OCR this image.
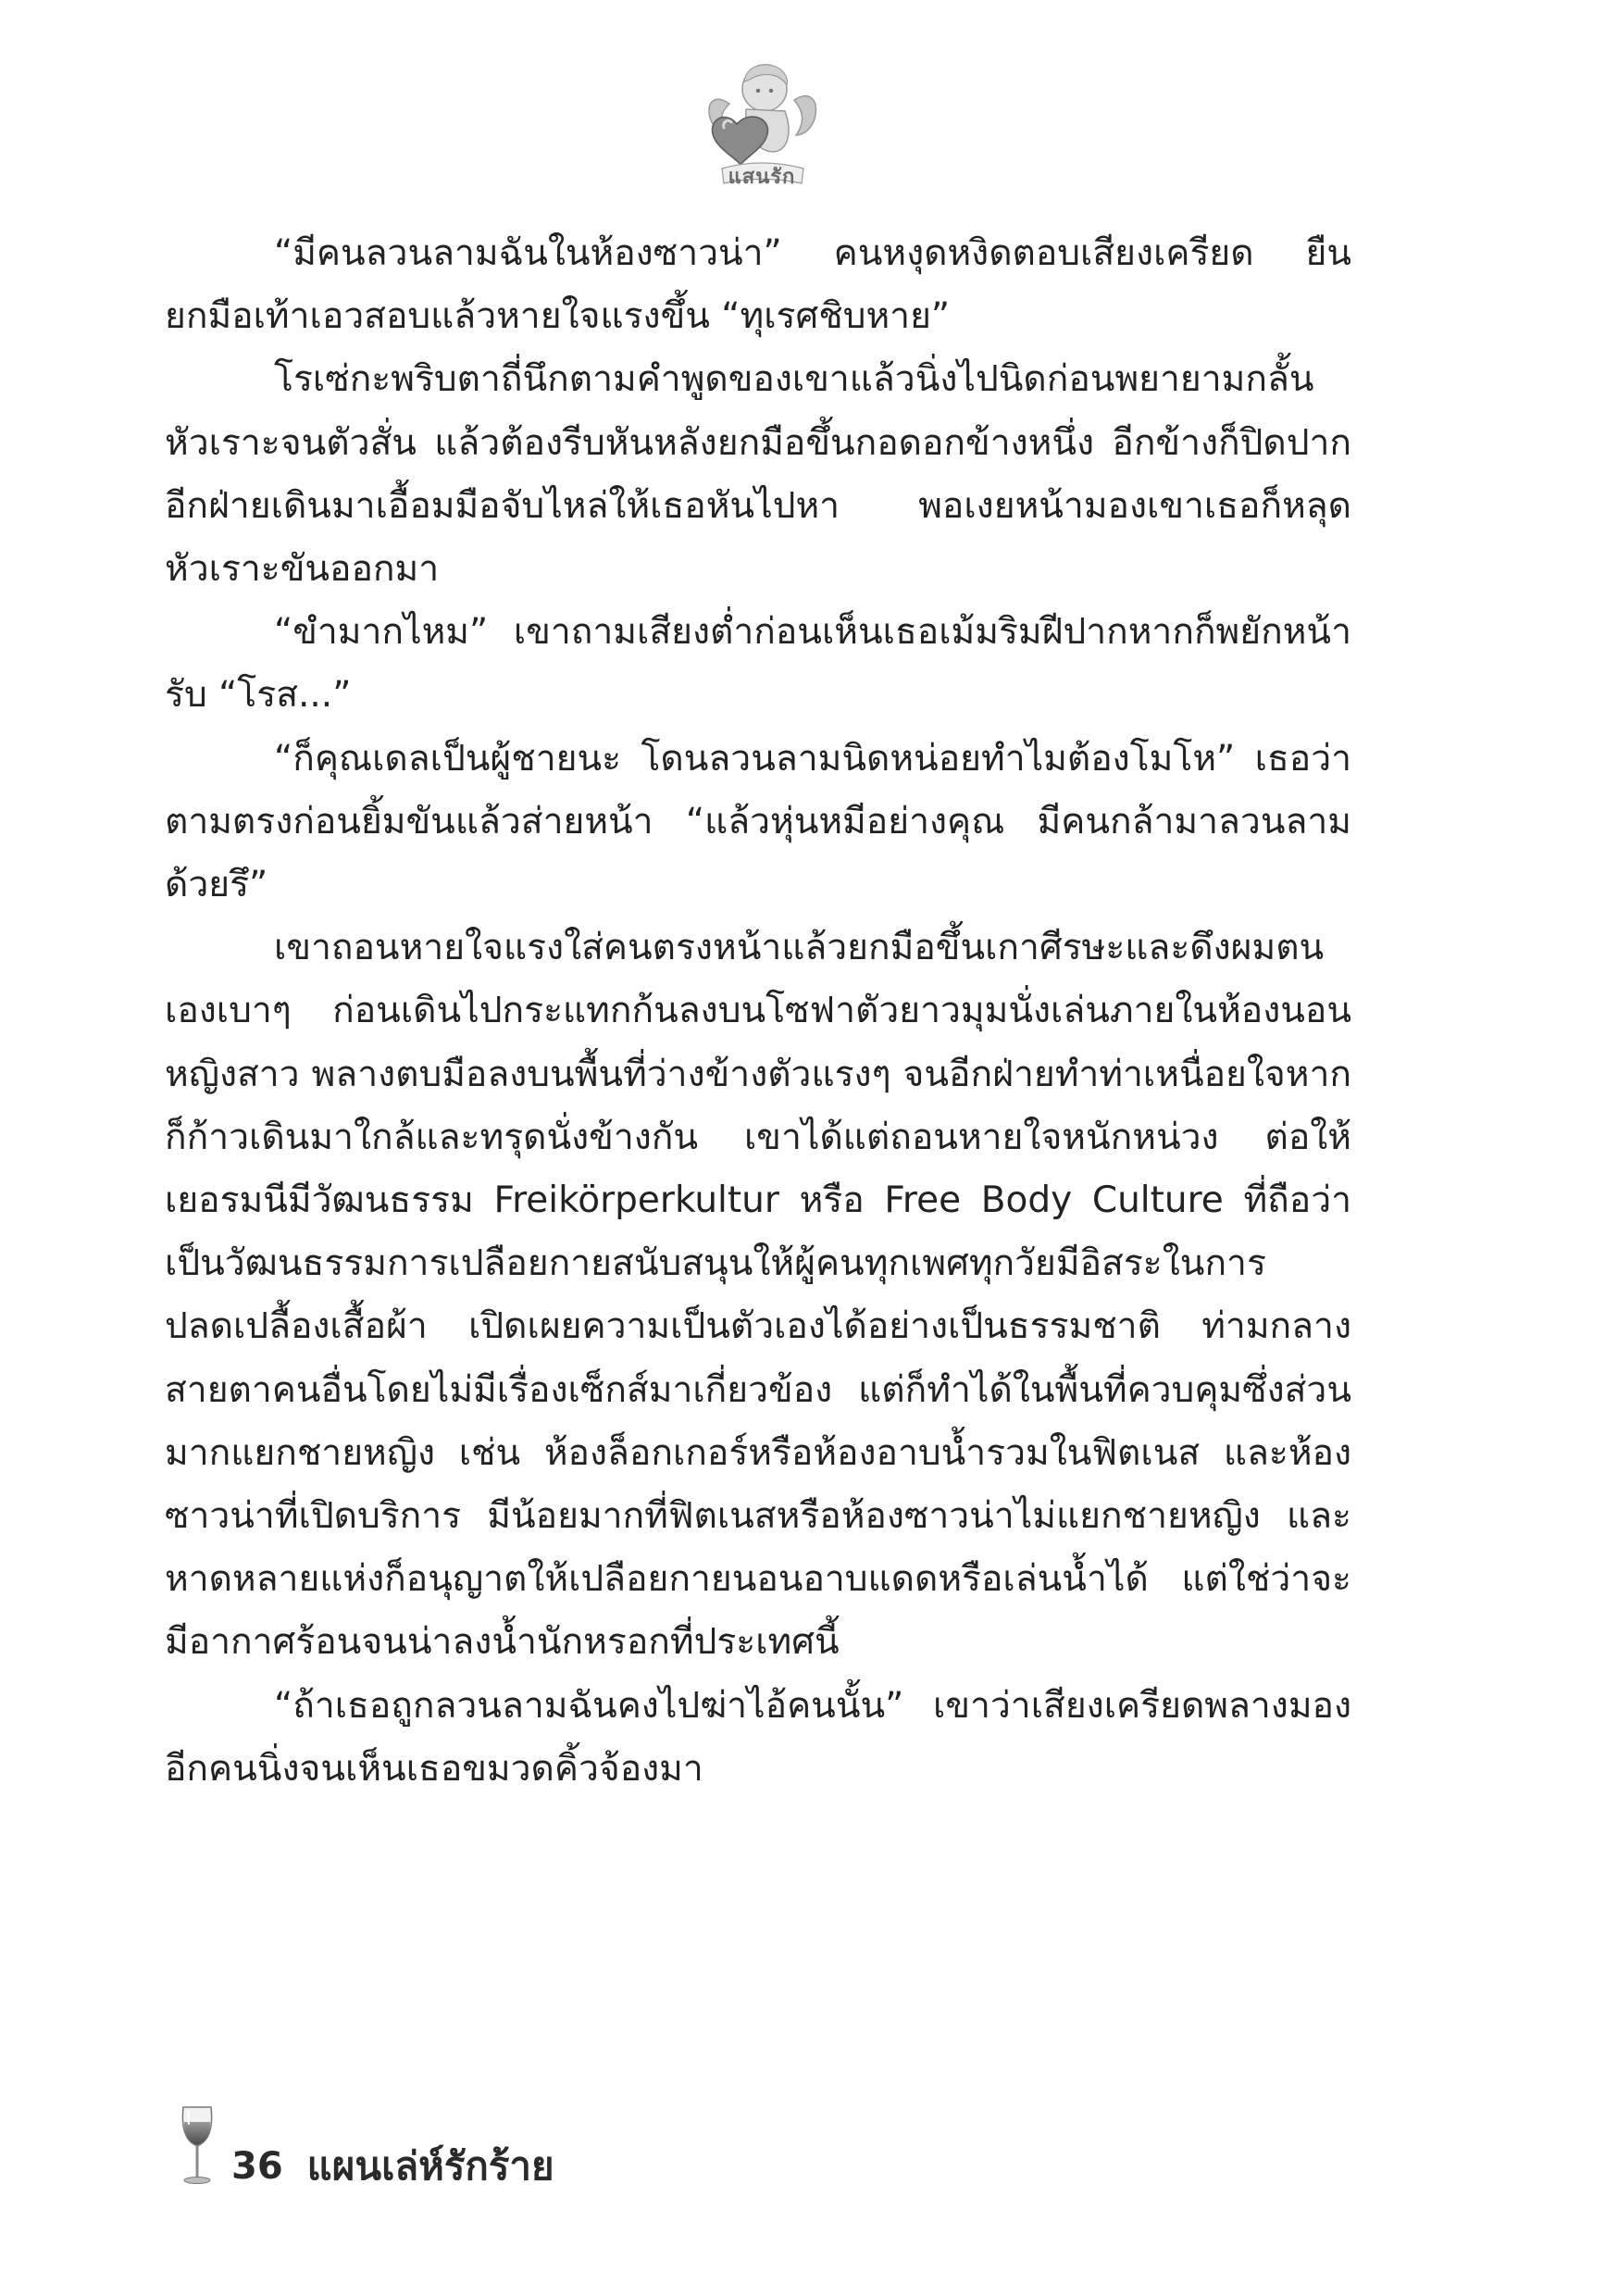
แสนรัก

“มีคนลวนลามฉันในห้องซาวน่า” คนหงุดหงิดตอบเสียงเครียด ยืนยกมือเท้าเอวสอบแล้วหายใจแรงขึ้น “ทุเรศชิบหาย”

โรเซ่กะพริบตาถี่นึกตามคำพูดของเขาแล้วนิ่งไปนิดก่อนพยายามกลั้นหัวเราะจนตัวสั่น แล้วต้องรีบหันหลังยกมือขึ้นกอดอกข้างหนึ่ง อีกข้างก็ปิดปาก อีกฝ่ายเดินมาเอื้อมมือจับไหล่ให้เธอหันไปหา พอเงยหน้ามองเขาเธอก็หลุดหัวเราะขันออกมา

“ขำมากไหม” เขาถามเสียงต่ำก่อนเห็นเธอเม้มริมฝีปากหากก็พยักหน้ารับ “โรส...”

“ก็คุณเดลเป็นผู้ชายนะ โดนลวนลามนิดหน่อยทำไมต้องโมโห” เธอว่าตามตรงก่อนยิ้มขันแล้วส่ายหน้า “แล้วหุ่นหมีอย่างคุณ มีคนกล้ามาลวนลามด้วยรึ”

เขาถอนหายใจแรงใส่คนตรงหน้าแล้วยกมือขึ้นเกาศีรษะและดึงผมตนเองเบาๆ ก่อนเดินไปกระแทกก้นลงบนโซฟาตัวยาวมุมนั่งเล่นภายในห้องนอนหญิงสาว พลางตบมือลงบนพื้นที่ว่างข้างตัวแรงๆ จนอีกฝ่ายทำท่าเหนื่อยใจหากก็ก้าวเดินมาใกล้และทรุดนั่งข้างกัน เขาได้แต่ถอนหายใจหนักหน่วง ต่อให้เยอรมนีมีวัฒนธรรม Freikörperkultur หรือ Free Body Culture ที่ถือว่าเป็นวัฒนธรรมการเปลือยกายสนับสนุนให้ผู้คนทุกเพศทุกวัยมีอิสระในการปลดเปลื้องเสื้อผ้า เปิดเผยความเป็นตัวเองได้อย่างเป็นธรรมชาติ ท่ามกลางสายตาคนอื่นโดยไม่มีเรื่องเซ็กส์มาเกี่ยวข้อง แต่ก็ทำได้ในพื้นที่ควบคุมซึ่งส่วนมากแยกชายหญิง เช่น ห้องล็อกเกอร์หรือห้องอาบน้ำรวมในฟิตเนส และห้องซาวน่าที่เปิดบริการ มีน้อยมากที่ฟิตเนสหรือห้องซาวน่าไม่แยกชายหญิง และหาดหลายแห่งก็อนุญาตให้เปลือยกายนอนอาบแดดหรือเล่นน้ำได้ แต่ใช่ว่าจะมีอากาศร้อนจนน่าลงน้ำนักหรอกที่ประเทศนี้

“ถ้าเธอถูกลวนลามฉันคงไปฆ่าไอ้คนนั้น” เขาว่าเสียงเครียดพลางมองอีกคนนิ่งจนเห็นเธอขมวดคิ้วจ้องมา

36 แผนเล่ห์รักร้าย
